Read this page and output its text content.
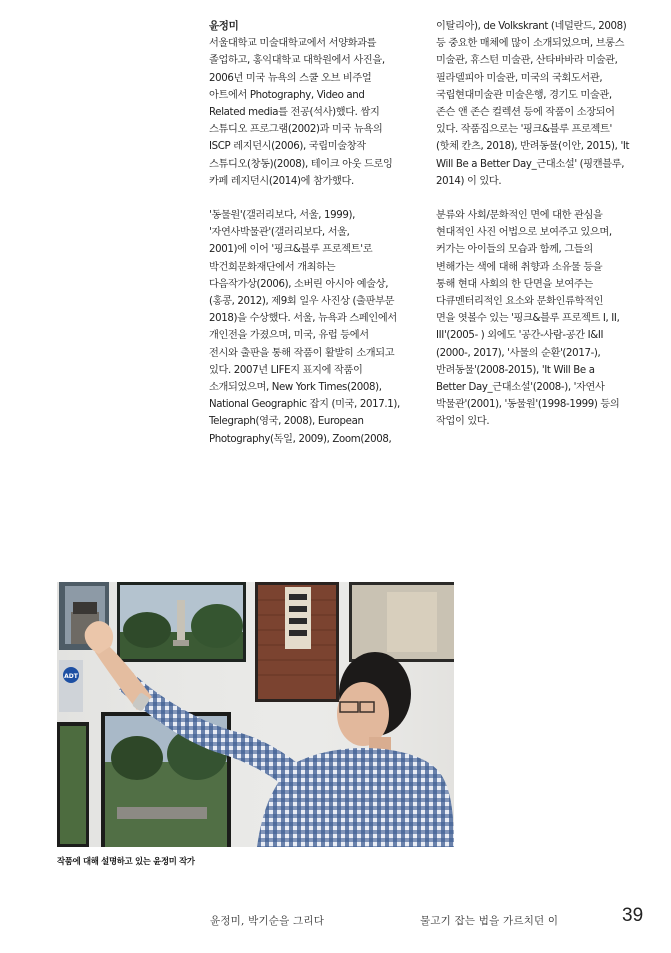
윤정미

서울대학교 미술대학교에서 서양화과를
졸업하고, 홍익대학교 대학원에서 사진을,
2006년 미국 뉴욕의 스쿨 오브 비주얼
아트에서 Photography, Video and
Related media를 전공(석사)했다. 쌈지
스튜디오 프로그램(2002)과 미국 뉴욕의
ISCP 레지던시(2006), 국립미술창작
스튜디오(창동)(2008), 테이크 아웃 드로잉
카페 레지던시(2014)에 참가했다.

'동물원'(갤러리보다, 서울, 1999),
'자연사박물관'(갤러리보다, 서울,
2001)에 이어 '핑크&블루 프로젝트'로
박건희문화재단에서 개최하는
다음작가상(2006), 소버린 아시아 예술상,
(홍콩, 2012), 제9회 일우 사진상 (출판부문
2018)을 수상했다. 서울, 뉴욕과 스페인에서
개인전을 가졌으며, 미국, 유럽 등에서
전시와 출판을 통해 작품이 활발히 소개되고
있다. 2007년 LIFE지 표지에 작품이
소개되었으며, New York Times(2008),
National Geographic 잡지 (미국, 2017.1),
Telegraph(영국, 2008), European
Photography(독일, 2009), Zoom(2008,

이탈리아), de Volkskrant (네덜란드, 2008)
등 중요한 매체에 많이 소개되었으며, 브롱스
미술관, 휴스턴 미술관, 산타바바라 미술관,
필라델피아 미술관, 미국의 국회도서관,
국립현대미술관 미술은행, 경기도 미술관,
존슨 앤 존슨 컬렉션 등에 작품이 소장되어
있다. 작품집으로는 '핑크&블루 프로젝트'
(핫체 칸츠, 2018), 반려동물(이안, 2015), 'It
Will Be a Better Day_근대소설' (핑캔블루,
2014) 이 있다.

분류와 사회/문화적인 면에 대한 관심을
현대적인 사진 어법으로 보여주고 있으며,
커가는 아이들의 모습과 함께, 그들의
변해가는 색에 대해 취향과 소유물 등을
통해 현대 사회의 한 단면을 보여주는
다큐멘터리적인 요소와 문화인류학적인
면을 엿볼수 있는 '핑크&블루 프로젝트 I, II,
III'(2005- ) 외에도 '공간-사람-공간 I&II
(2000-, 2017), '사물의 순환'(2017-),
반려동물'(2008-2015), 'It Will Be a
Better Day_근대소설'(2008-), '자연사
박물관'(2001), '동물원'(1998-1999) 등의
작업이 있다.

ADT
작품에 대해 설명하고 있는 윤정미 작가
윤정미, 박기순을 그리다	물고기 잡는 법을 가르치던 이	39
